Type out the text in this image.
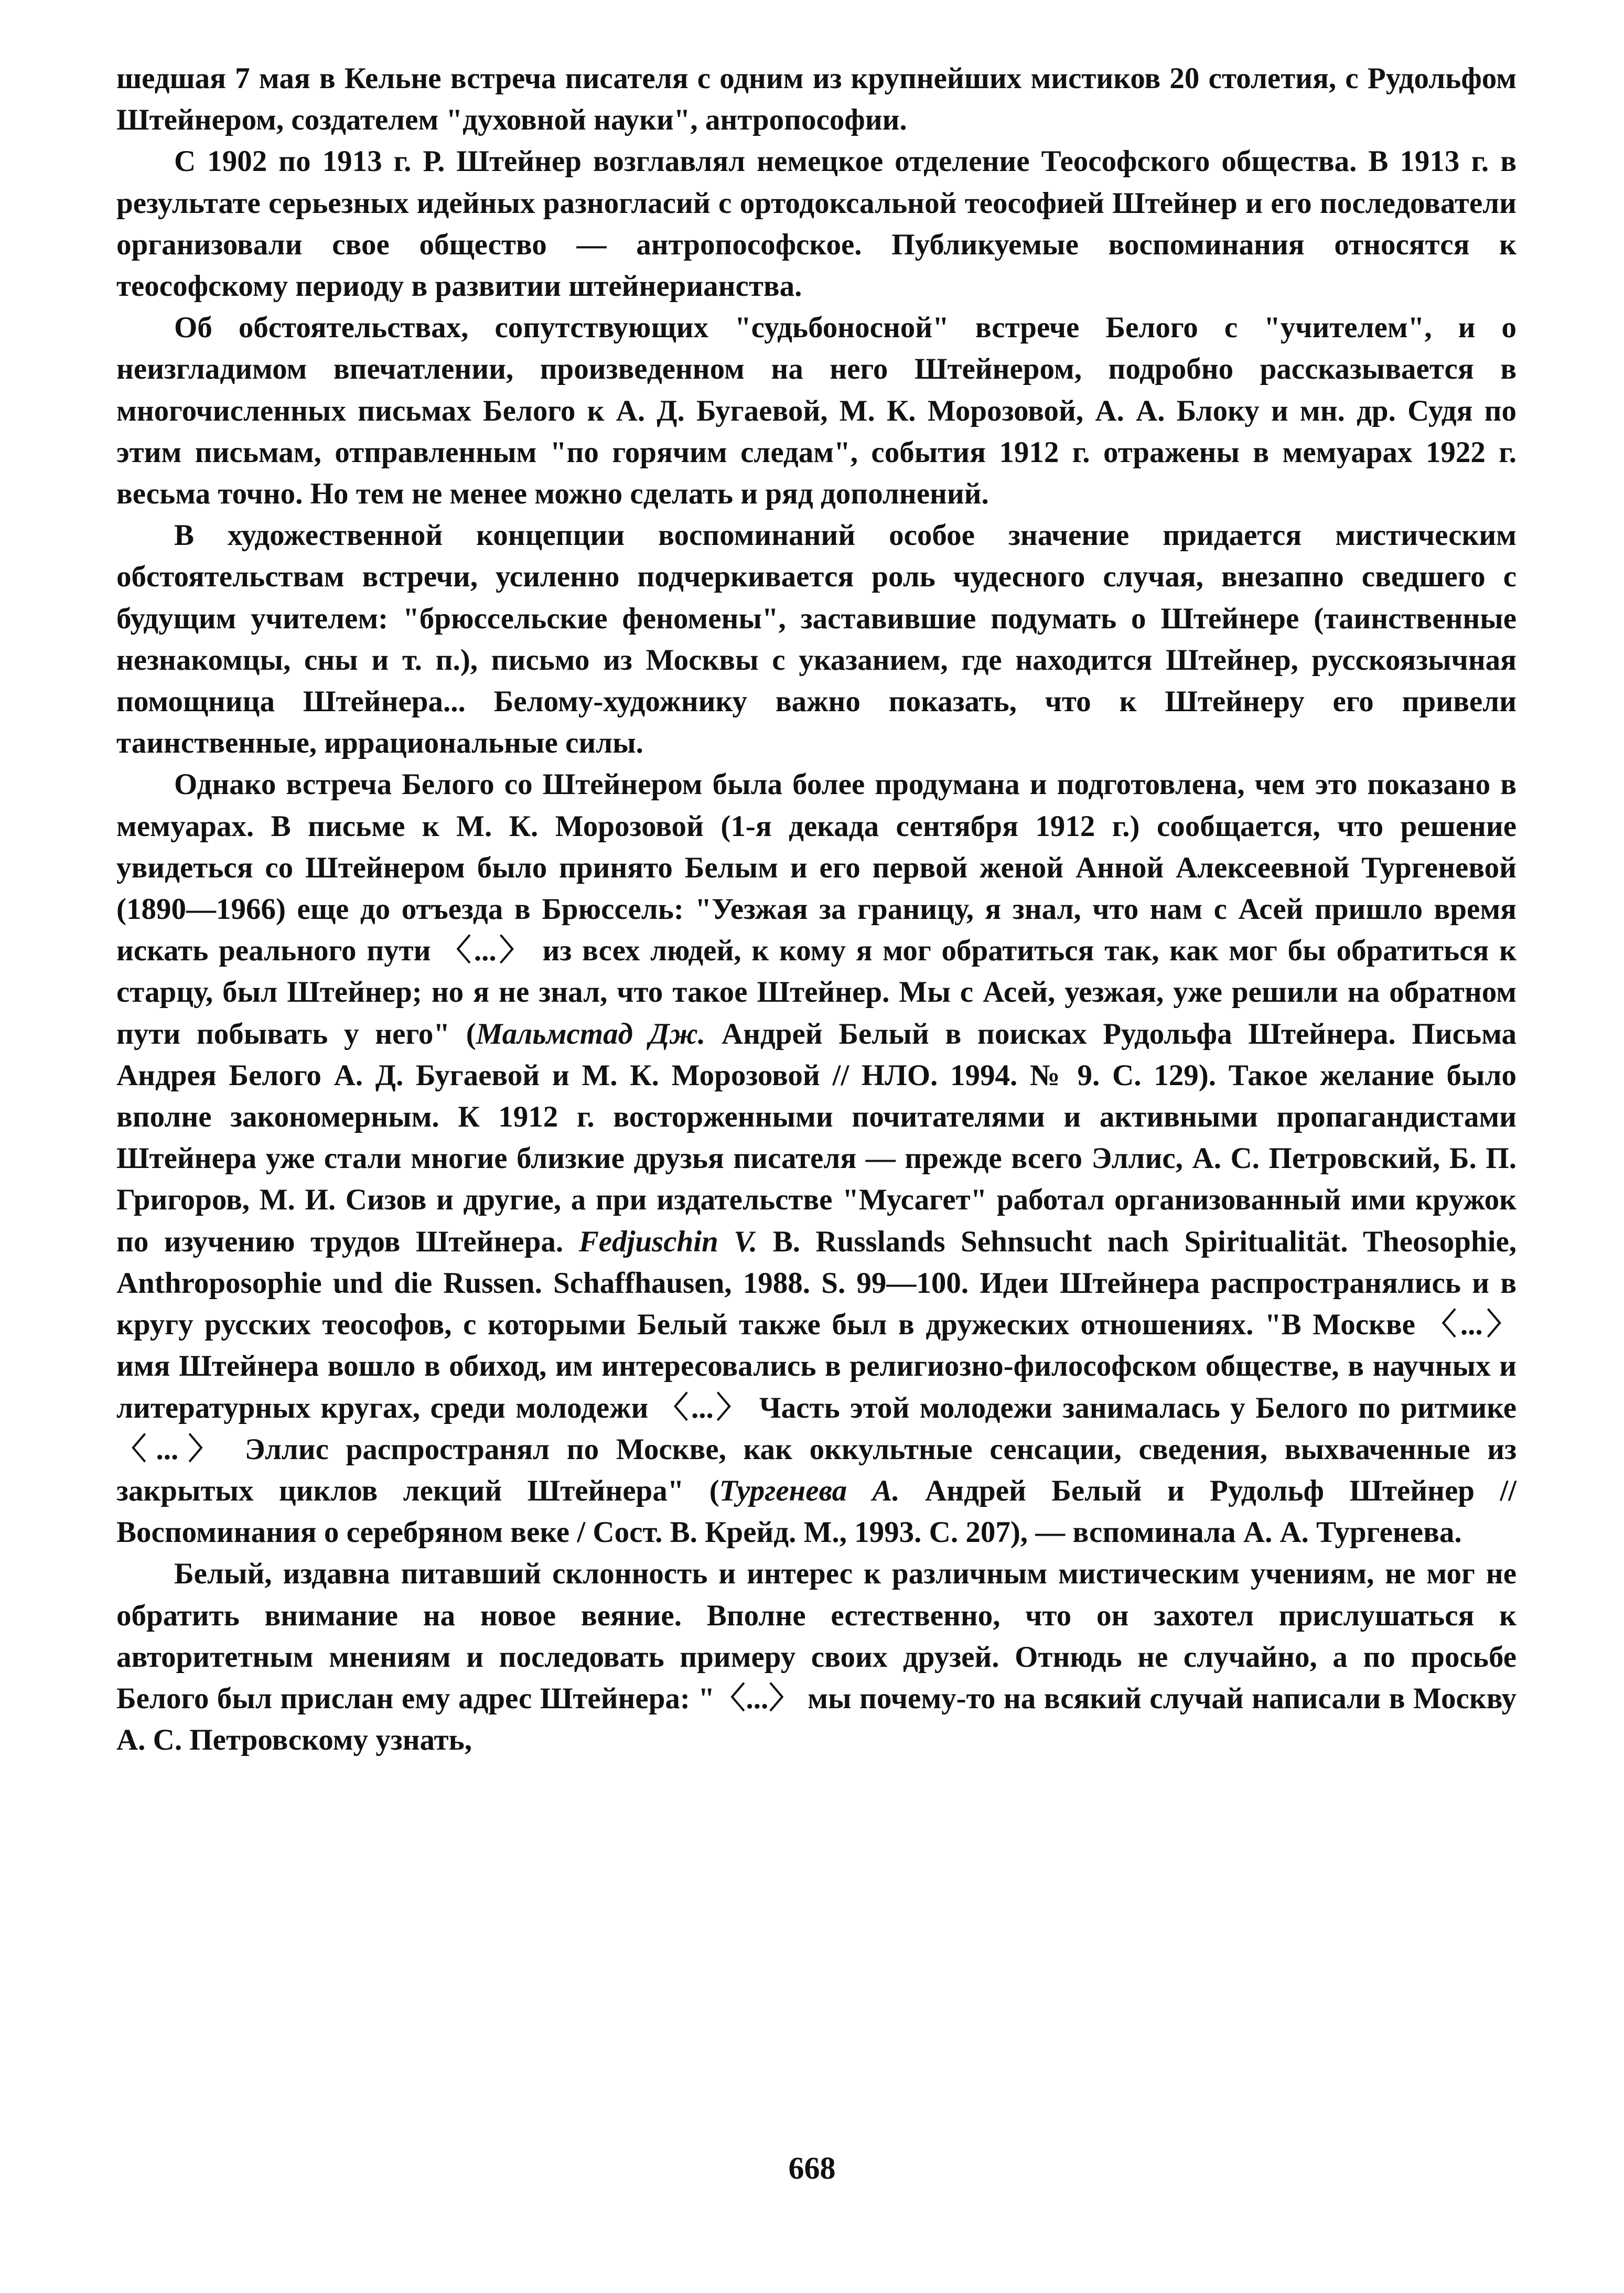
шедшая 7 мая в Кельне встреча писателя с одним из крупнейших мистиков 20 столетия, с Рудольфом Штейнером, создателем "духовной науки", антропософии.

С 1902 по 1913 г. Р. Штейнер возглавлял немецкое отделение Теософского общества. В 1913 г. в результате серьезных идейных разногласий с ортодоксальной теософией Штейнер и его последователи организовали свое общество — антропософское. Публикуемые воспоминания относятся к теософскому периоду в развитии штейнерианства.

Об обстоятельствах, сопутствующих "судьбоносной" встрече Белого с "учителем", и о неизгладимом впечатлении, произведенном на него Штейнером, подробно рассказывается в многочисленных письмах Белого к А. Д. Бугаевой, М. К. Морозовой, А. А. Блоку и мн. др. Судя по этим письмам, отправленным "по горячим следам", события 1912 г. отражены в мемуарах 1922 г. весьма точно. Но тем не менее можно сделать и ряд дополнений.

В художественной концепции воспоминаний особое значение придается мистическим обстоятельствам встречи, усиленно подчеркивается роль чудесного случая, внезапно сведшего с будущим учителем: "брюссельские феномены", заставившие подумать о Штейнере (таинственные незнакомцы, сны и т. п.), письмо из Москвы с указанием, где находится Штейнер, русскоязычная помощница Штейнера... Белому-художнику важно показать, что к Штейнеру его привели таинственные, иррациональные силы.

Однако встреча Белого со Штейнером была более продумана и подготовлена, чем это показано в мемуарах. В письме к М. К. Морозовой (1-я декада сентября 1912 г.) сообщается, что решение увидеться со Штейнером было принято Белым и его первой женой Анной Алексеевной Тургеневой (1890—1966) еще до отъезда в Брюссель: "Уезжая за границу, я знал, что нам с Асей пришло время искать реального пути 〈...〉 из всех людей, к кому я мог обратиться так, как мог бы обратиться к старцу, был Штейнер; но я не знал, что такое Штейнер. Мы с Асей, уезжая, уже решили на обратном пути побывать у него" (Мальмстад Дж. Андрей Белый в поисках Рудольфа Штейнера. Письма Андрея Белого А. Д. Бугаевой и М. К. Морозовой // НЛО. 1994. № 9. С. 129). Такое желание было вполне закономерным. К 1912 г. восторженными почитателями и активными пропагандистами Штейнера уже стали многие близкие друзья писателя — прежде всего Эллис, А. С. Петровский, Б. П. Григоров, М. И. Сизов и другие, а при издательстве "Мусагет" работал организованный ими кружок по изучению трудов Штейнера. Fedjuschin V. B. Russlands Sehnsucht nach Spiritualität. Theosophie, Anthroposophie und die Russen. Schaffhausen, 1988. S. 99—100. Идеи Штейнера распространялись и в кругу русских теософов, с которыми Белый также был в дружеских отношениях. "В Москве 〈...〉 имя Штейнера вошло в обиход, им интересовались в религиозно-философском обществе, в научных и литературных кругах, среди молодежи 〈...〉 Часть этой молодежи занималась у Белого по ритмике 〈...〉 Эллис распространял по Москве, как оккультные сенсации, сведения, выхваченные из закрытых циклов лекций Штейнера" (Тургенева А. Андрей Белый и Рудольф Штейнер // Воспоминания о серебряном веке / Сост. В. Крейд. М., 1993. С. 207), — вспоминала А. А. Тургенева.

Белый, издавна питавший склонность и интерес к различным мистическим учениям, не мог не обратить внимание на новое веяние. Вполне естественно, что он захотел прислушаться к авторитетным мнениям и последовать примеру своих друзей. Отнюдь не случайно, а по просьбе Белого был прислан ему адрес Штейнера: "〈...〉 мы почему-то на всякий случай написали в Москву А. С. Петровскому узнать,

668
